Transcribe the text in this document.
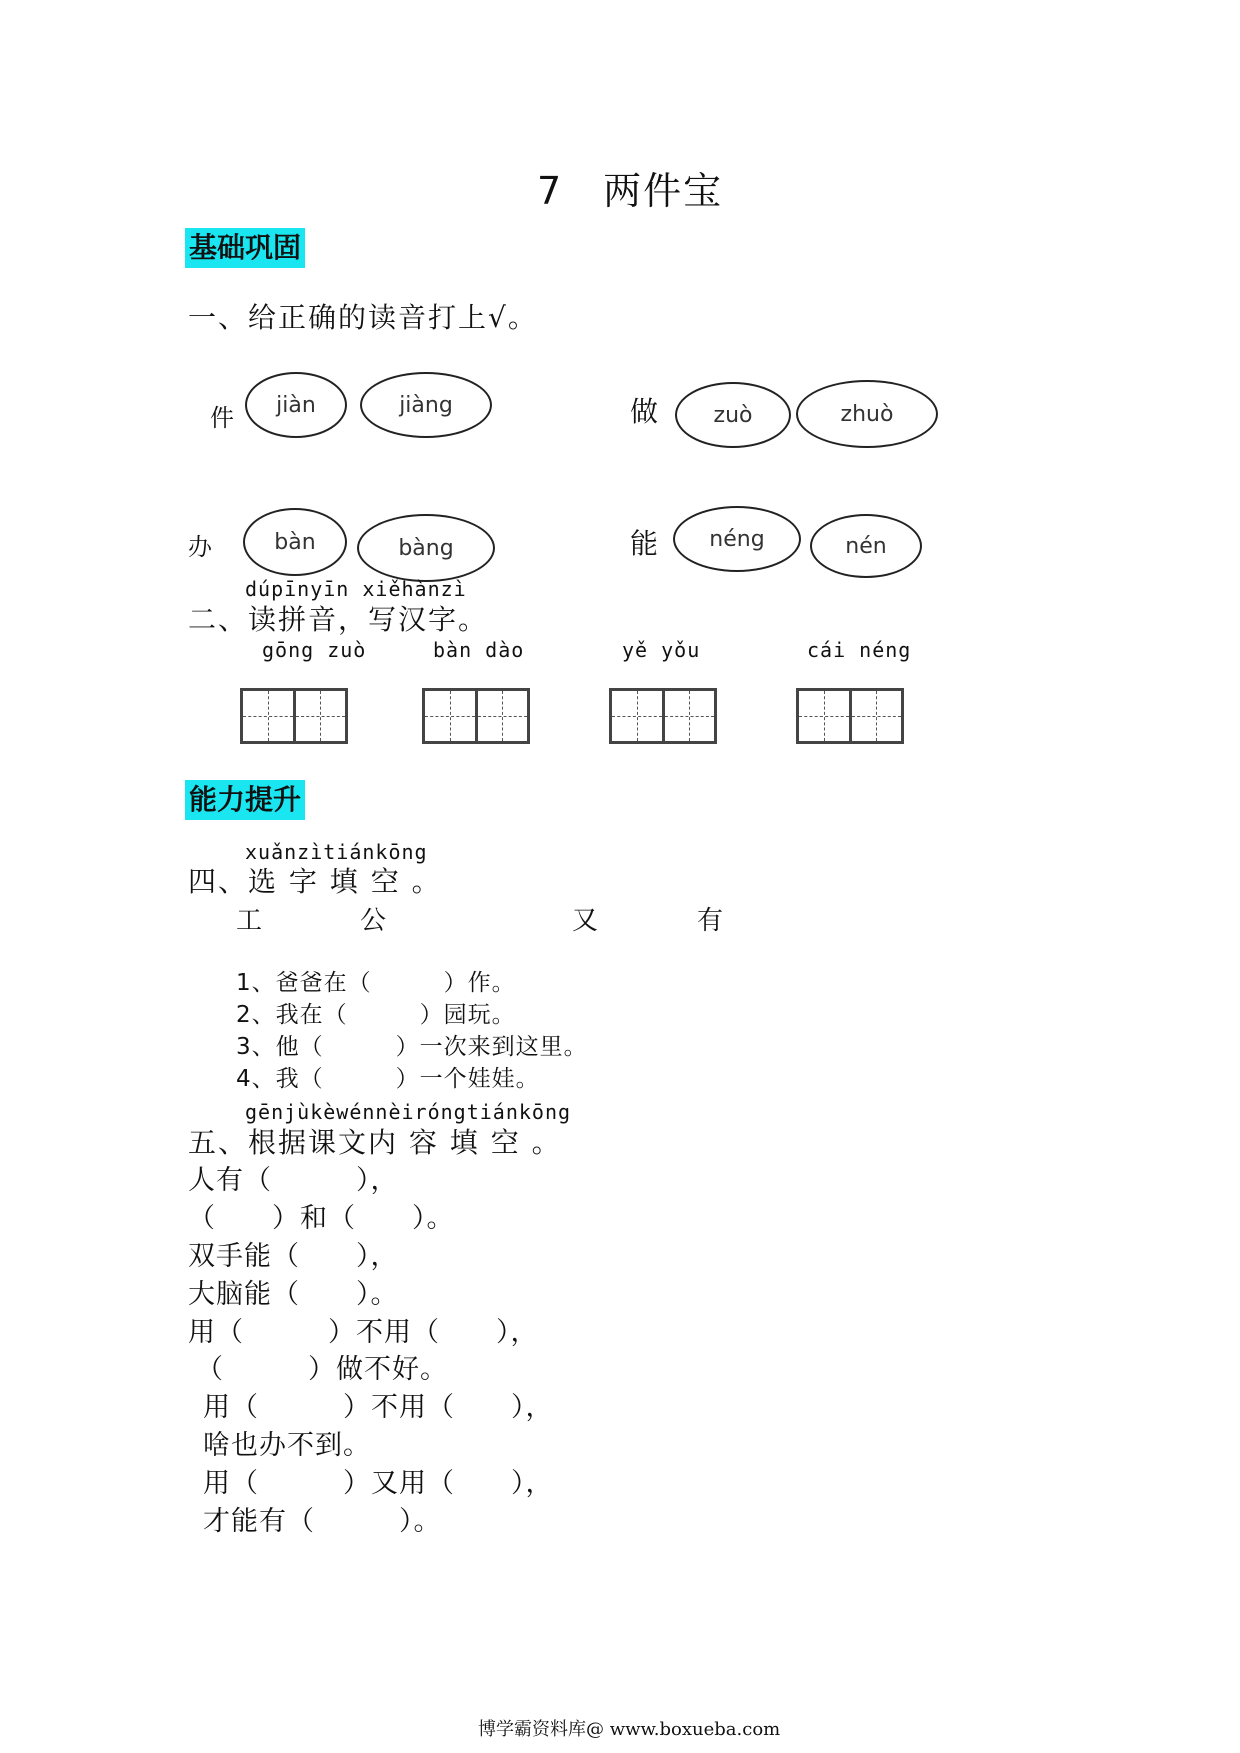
7　两件宝
基础巩固
一、给正确的读音打上√。
件 jiàn	jiàng	做	zuò	zhuò
办	bàn	bàng	能 néng	nén
dúpīnyīn xiěhànzì
二、读拼音，写汉字。
gōng zuò	bàn dào	yě yǒu	cái néng
能力提升
xuǎnzìtiánkōng
四、选 字 填 空 。
工	公	又	有
1、爸爸在（　　　）作。
2、我在（　　　）园玩。
3、他（　　　）一次来到这里。
4、我（　　　）一个娃娃。
gēnjùkèwénnèiróngtiánkōng
五、根据课文内 容 填 空 。
人有（　　　），
（　　）和（　　）。
双手能（　　），
大脑能（　　）。
用（　　　）不用（　　），
（　　　）做不好。
用（　　　）不用（　　），
啥也办不到。
用（　　　）又用（　　），
才能有（　　　）。
博学霸资料库@ www.boxueba.com
